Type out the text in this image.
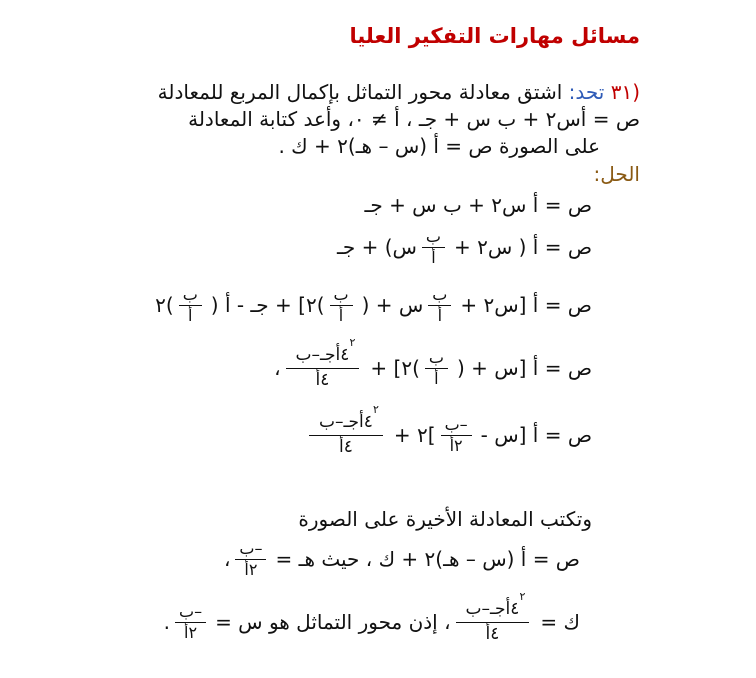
مسائل مهارات التفكير العليا
(٣١ تحد: اشتق معادلة محور التماثل بإكمال المربع للمعادلة
ص = أس٢ + ب س + جـ ، أ ≠ ٠، وأعد كتابة المعادلة
على الصورة ص = أ (س – هـ)٢ + ك .
الحل:
ص = أ س٢ + ب س + جـ
ص = أ ( س٢ +
$\frac{\text{ب}}{\text{أ}}$
س) + جـ
ص = أ [س٢ +
$\frac{\text{ب}}{\text{أ}}$
س + (
$\frac{\text{ب}}{\text{أ}}$
)٢] + جـ - أ (
$\frac{\text{ب}}{\text{أ}}$
)٢
ص = أ [س + (
$\frac{\text{ب}}{\text{أ}}$
)٢] +
٢
٤أجـ–ب
٤أ
،
ص = أ [س -
$\frac{\text{–ب}}{\text{٢أ}}$
]٢ +
٢
٤أجـ–ب
٤أ
وتكتب المعادلة الأخيرة على الصورة
ص = أ (س – هـ)٢ + ك ، حيث هـ =
$\frac{\text{–ب}}{\text{٢أ}}$
،
ك =
٢
٤أجـ–ب
٤أ
، إذن محور التماثل هو س =
$\frac{\text{–ب}}{\text{٢أ}}$
.
